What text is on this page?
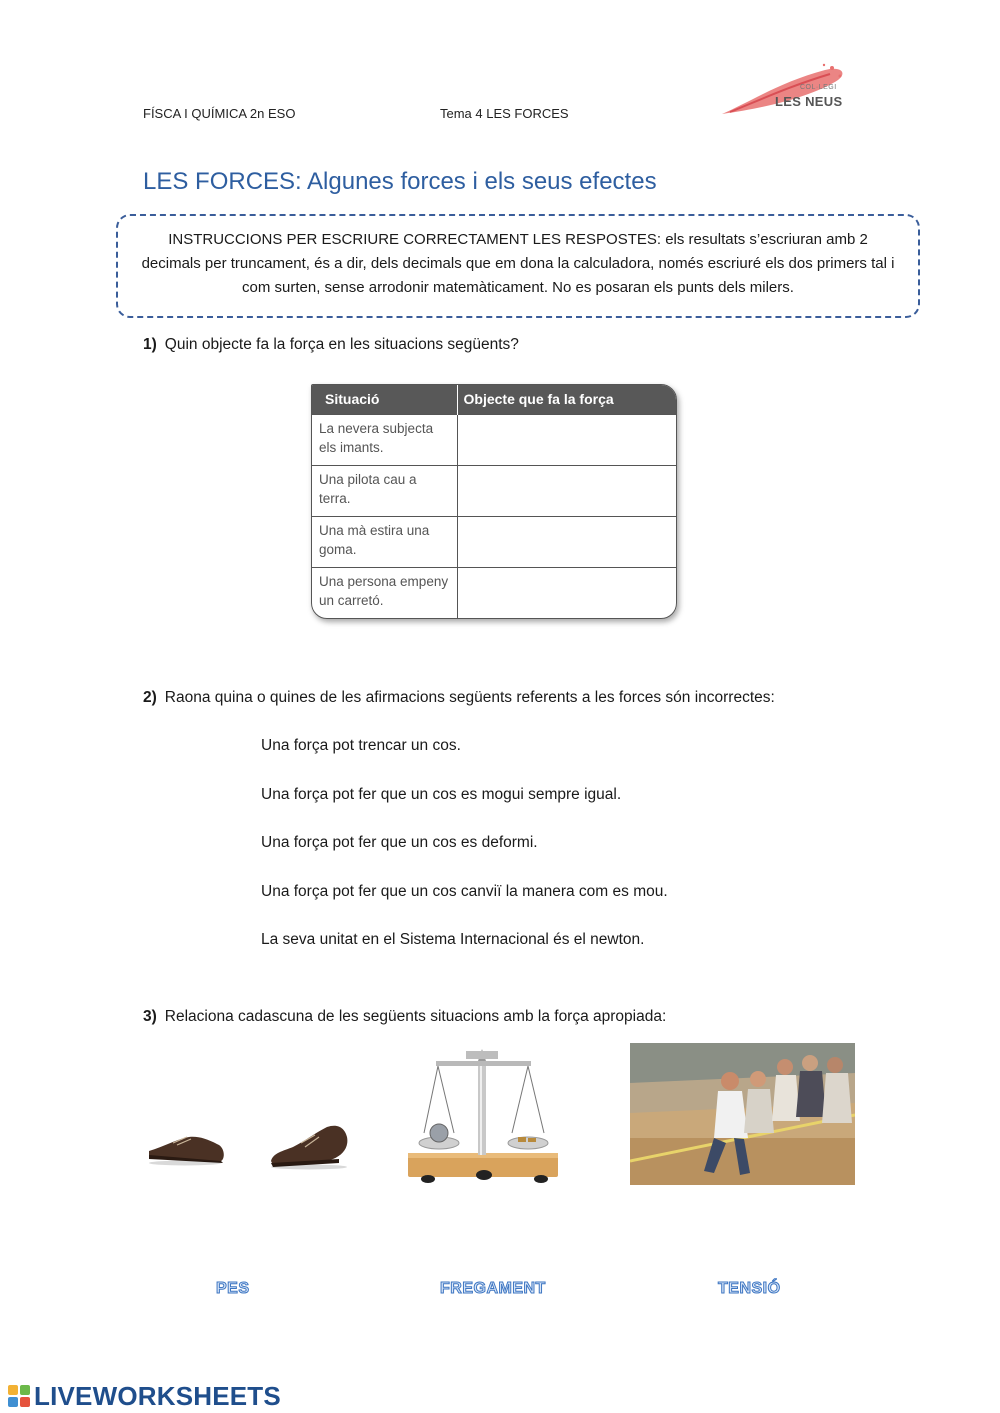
FÍSCA I QUÍMICA 2n ESO	Tema 4 LES FORCES
COL·LEGI
LES NEUS
LES FORCES: Algunes forces i els seus efectes

INSTRUCCIONS PER ESCRIURE CORRECTAMENT LES RESPOSTES: els resultats s’escriuran amb 2 decimals per truncament, és a dir, dels decimals que em dona la calculadora, només escriuré els dos primers tal i com surten, sense arrodonir matemàticament. No es posaran els punts dels milers.

1) Quin objecte fa la força en les situacions següents?
Situació	Objecte que fa la força
La nevera subjecta els imants.	
Una pilota cau a terra.	
Una mà estira una goma.	
Una persona empeny un carretó.	
2) Raona quina o quines de les afirmacions següents referents a les forces són incorrectes:
Una força pot trencar un cos.
Una força pot fer que un cos es mogui sempre igual.
Una força pot fer que un cos es deformi.
Una força pot fer que un cos canviï la manera com es mou.
La seva unitat en el Sistema Internacional és el newton.
3) Relaciona cadascuna de les següents situacions amb la força apropiada:
PES	FREGAMENT	TENSIÓ
LIVEWORKSHEETS
